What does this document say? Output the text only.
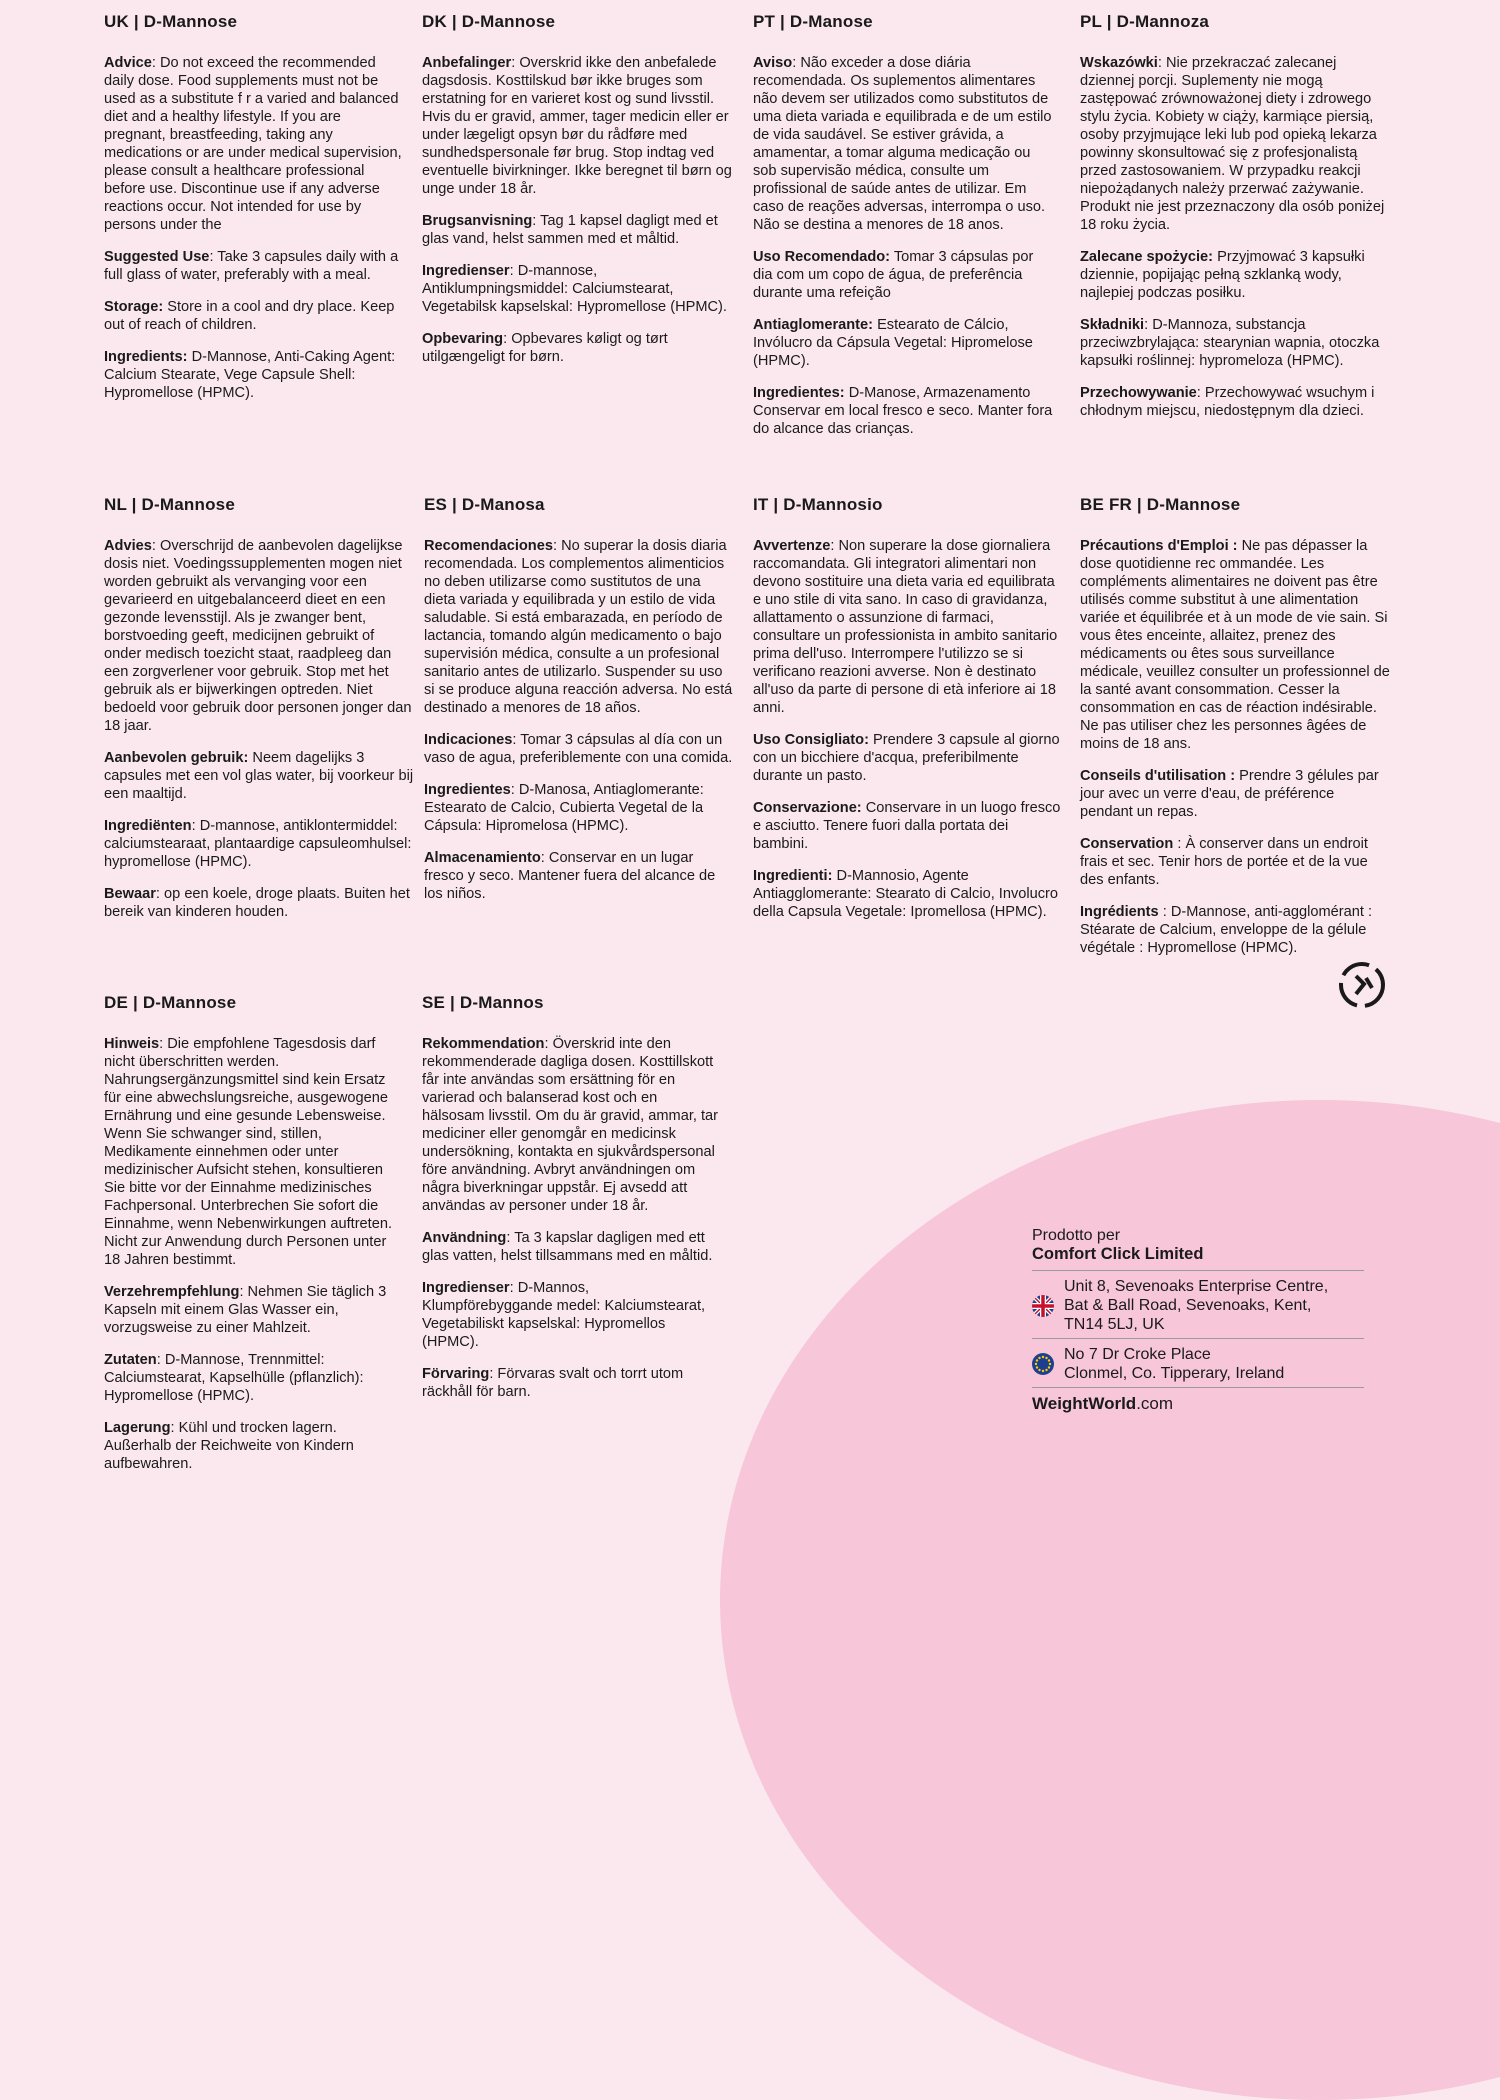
UK | D-Mannose
Advice: Do not exceed the recommended daily dose. Food supplements must not be used as a substitute f r a varied and balanced diet and a healthy lifestyle. If you are pregnant, breastfeeding, taking any medications or are under medical supervision, please consult a healthcare professional before use. Discontinue use if any adverse reactions occur. Not intended for use by persons under the
Suggested Use: Take 3 capsules daily with a full glass of water, preferably with a meal.
Storage: Store in a cool and dry place. Keep out of reach of children.
Ingredients: D-Mannose, Anti-Caking Agent: Calcium Stearate, Vege Capsule Shell: Hypromellose (HPMC).
DK | D-Mannose
Anbefalinger: Overskrid ikke den anbefalede dagsdosis. Kosttilskud bør ikke bruges som erstatning for en varieret kost og sund livsstil. Hvis du er gravid, ammer, tager medicin eller er under lægeligt opsyn bør du rådføre med sundhedspersonale før brug. Stop indtag ved eventuelle bivirkninger. Ikke beregnet til børn og unge under 18 år.
Brugsanvisning: Tag 1 kapsel dagligt med et glas vand, helst sammen med et måltid.
Ingredienser: D-mannose, Antiklumpningsmiddel: Calciumstearat, Vegetabilsk kapselskal: Hypromellose (HPMC).
Opbevaring: Opbevares køligt og tørt utilgængeligt for børn.
PT | D-Manose
Aviso: Não exceder a dose diária recomendada. Os suplementos alimentares não devem ser utilizados como substitutos de uma dieta variada e equilibrada e de um estilo de vida saudável. Se estiver grávida, a amamentar, a tomar alguma medicação ou sob supervisão médica, consulte um profissional de saúde antes de utilizar. Em caso de reações adversas, interrompa o uso. Não se destina a menores de 18 anos.
Uso Recomendado: Tomar 3 cápsulas por dia com um copo de água, de preferência durante uma refeição
Antiaglomerante: Estearato de Cálcio, Invólucro da Cápsula Vegetal: Hipromelose (HPMC).
Ingredientes: D-Manose, Armazenamento Conservar em local fresco e seco. Manter fora do alcance das crianças.
PL | D-Mannoza
Wskazówki: Nie przekraczać zalecanej dziennej porcji. Suplementy nie mogą zastępować zrównoważonej diety i zdrowego stylu życia. Kobiety w ciąży, karmiące piersią, osoby przyjmujące leki lub pod opieką lekarza powinny skonsultować się z profesjonalistą przed zastosowaniem. W przypadku reakcji niepożądanych należy przerwać zażywanie. Produkt nie jest przeznaczony dla osób poniżej 18 roku życia.
Zalecane spożycie: Przyjmować 3 kapsułki dziennie, popijając pełną szklanką wody, najlepiej podczas posiłku.
Składniki: D-Mannoza, substancja przeciwzbrylająca: stearynian wapnia, otoczka kapsułki roślinnej: hypromeloza (HPMC).
Przechowywanie: Przechowywać wsuchym i chłodnym miejscu, niedostępnym dla dzieci.
NL | D-Mannose
Advies: Overschrijd de aanbevolen dagelijkse dosis niet. Voedingssupplementen mogen niet worden gebruikt als vervanging voor een gevarieerd en uitgebalanceerd dieet en een gezonde levensstijl. Als je zwanger bent, borstvoeding geeft, medicijnen gebruikt of onder medisch toezicht staat, raadpleeg dan een zorgverlener voor gebruik. Stop met het gebruik als er bijwerkingen optreden. Niet bedoeld voor gebruik door personen jonger dan 18 jaar.
Aanbevolen gebruik: Neem dagelijks 3 capsules met een vol glas water, bij voorkeur bij een maaltijd.
Ingrediënten: D-mannose, antiklontermiddel: calciumstearaat, plantaardige capsuleomhulsel: hypromellose (HPMC).
Bewaar: op een koele, droge plaats. Buiten het bereik van kinderen houden.
ES | D-Manosa
Recomendaciones: No superar la dosis diaria recomendada. Los complementos alimenticios no deben utilizarse como sustitutos de una dieta variada y equilibrada y un estilo de vida saludable. Si está embarazada, en período de lactancia, tomando algún medicamento o bajo supervisión médica, consulte a un profesional sanitario antes de utilizarlo. Suspender su uso si se produce alguna reacción adversa. No está destinado a menores de 18 años.
Indicaciones: Tomar 3 cápsulas al día con un vaso de agua, preferiblemente con una comida.
Ingredientes: D-Manosa, Antiaglomerante: Estearato de Calcio, Cubierta Vegetal de la Cápsula: Hipromelosa (HPMC).
Almacenamiento: Conservar en un lugar fresco y seco. Mantener fuera del alcance de los niños.
IT | D-Mannosio
Avvertenze: Non superare la dose giornaliera raccomandata. Gli integratori alimentari non devono sostituire una dieta varia ed equilibrata e uno stile di vita sano. In caso di gravidanza, allattamento o assunzione di farmaci, consultare un professionista in ambito sanitario prima dell'uso. Interrompere l'utilizzo se si verificano reazioni avverse. Non è destinato all'uso da parte di persone di età inferiore ai 18 anni.
Uso Consigliato: Prendere 3 capsule al giorno con un bicchiere d'acqua, preferibilmente durante un pasto.
Conservazione: Conservare in un luogo fresco e asciutto. Tenere fuori dalla portata dei bambini.
Ingredienti: D-Mannosio, Agente Antiagglomerante: Stearato di Calcio, Involucro della Capsula Vegetale: Ipromellosa (HPMC).
BE FR | D-Mannose
Précautions d'Emploi : Ne pas dépasser la dose quotidienne rec ommandée. Les compléments alimentaires ne doivent pas être utilisés comme substitut à une alimentation variée et équilibrée et à un mode de vie sain. Si vous êtes enceinte, allaitez, prenez des médicaments ou êtes sous surveillance médicale, veuillez consulter un professionnel de la santé avant consommation. Cesser la consommation en cas de réaction indésirable. Ne pas utiliser chez les personnes âgées de moins de 18 ans.
Conseils d'utilisation : Prendre 3 gélules par jour avec un verre d'eau, de préférence pendant un repas.
Conservation : À conserver dans un endroit frais et sec. Tenir hors de portée et de la vue des enfants.
Ingrédients : D-Mannose, anti-agglomérant : Stéarate de Calcium, enveloppe de la gélule végétale : Hypromellose (HPMC).
DE | D-Mannose
Hinweis: Die empfohlene Tagesdosis darf nicht überschritten werden. Nahrungsergänzungsmittel sind kein Ersatz für eine abwechslungsreiche, ausgewogene Ernährung und eine gesunde Lebensweise. Wenn Sie schwanger sind, stillen, Medikamente einnehmen oder unter medizinischer Aufsicht stehen, konsultieren Sie bitte vor der Einnahme medizinisches Fachpersonal. Unterbrechen Sie sofort die Einnahme, wenn Nebenwirkungen auftreten. Nicht zur Anwendung durch Personen unter 18 Jahren bestimmt.
Verzehrempfehlung: Nehmen Sie täglich 3 Kapseln mit einem Glas Wasser ein, vorzugsweise zu einer Mahlzeit.
Zutaten: D-Mannose, Trennmittel: Calciumstearat, Kapselhülle (pflanzlich): Hypromellose (HPMC).
Lagerung: Kühl und trocken lagern. Außerhalb der Reichweite von Kindern aufbewahren.
SE | D-Mannos
Rekommendation: Överskrid inte den rekommenderade dagliga dosen. Kosttillskott får inte användas som ersättning för en varierad och balanserad kost och en hälsosam livsstil. Om du är gravid, ammar, tar mediciner eller genomgår en medicinsk undersökning, kontakta en sjukvårdspersonal före användning. Avbryt användningen om några biverkningar uppstår. Ej avsedd att användas av personer under 18 år.
Användning: Ta 3 kapslar dagligen med ett glas vatten, helst tillsammans med en måltid.
Ingredienser: D-Mannos, Klumpförebyggande medel: Kalciumstearat, Vegetabiliskt kapselskal: Hypromellos (HPMC).
Förvaring: Förvaras svalt och torrt utom räckhåll för barn.
Prodotto per
Comfort Click Limited
Unit 8, Sevenoaks Enterprise Centre,
Bat & Ball Road, Sevenoaks, Kent,
TN14 5LJ, UK
No 7 Dr Croke Place
Clonmel, Co. Tipperary, Ireland
WeightWorld.com
